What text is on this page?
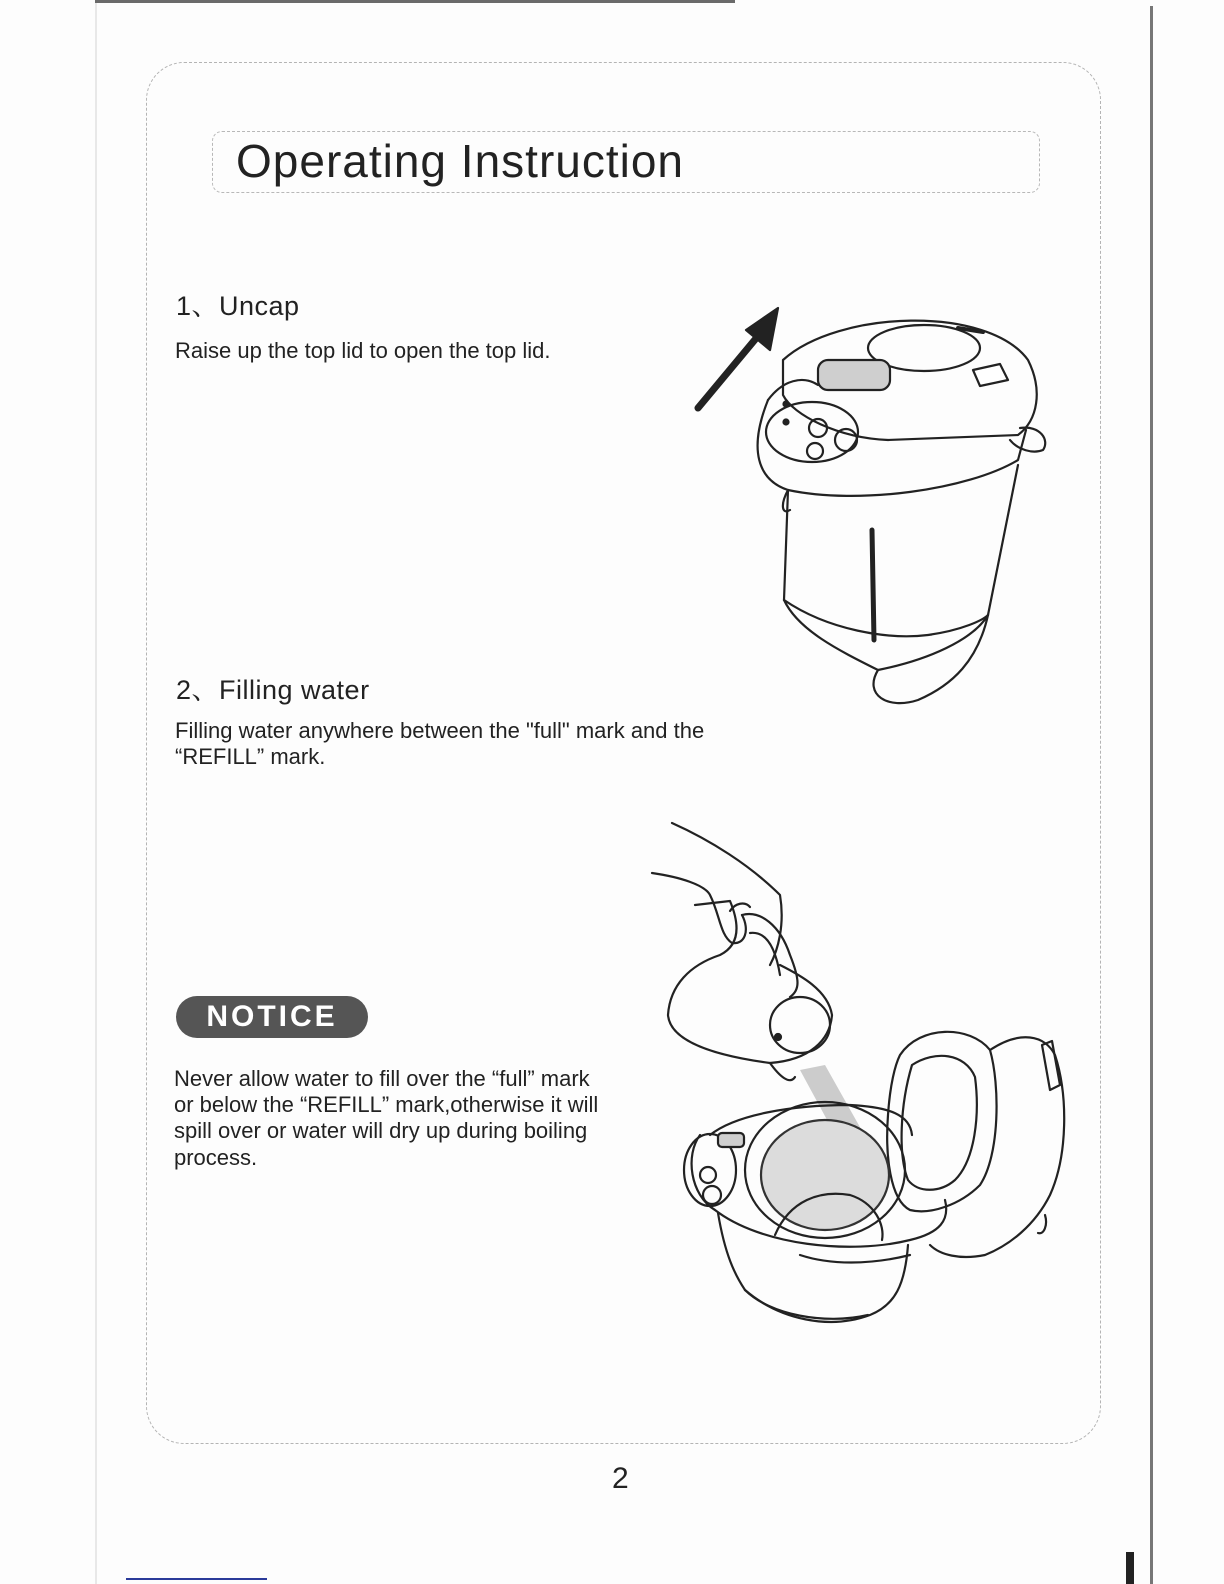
Operating Instruction
1、Uncap
Raise up the top lid to open the top lid.
2、Filling water
Filling water anywhere between the "full" mark and the
“REFILL” mark.
NOTICE
Never allow water to fill over the “full” mark
or below the “REFILL” mark,otherwise it will
spill over or water will dry up during boiling
process.
2
